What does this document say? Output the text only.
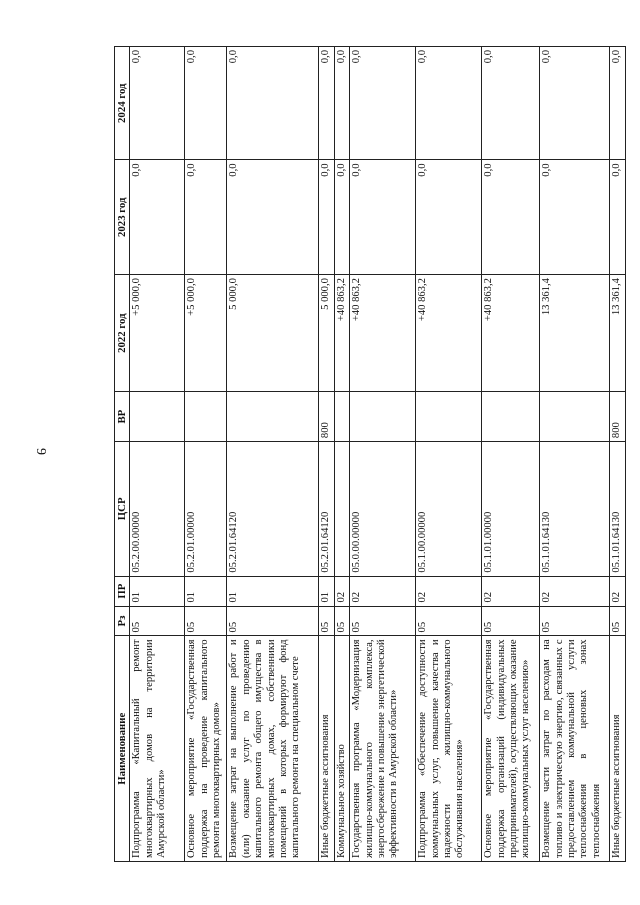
9
Наименование	Рз	ПР	ЦСР	ВР	2022 год	2023 год	2024 год
Подпрограмма «Капитальный ремонт многоквартирных домов на территории Амурской области»	05	01	05.2.00.00000		+5 000,0	0,0	0,0
Основное мероприятие «Государственная поддержка на проведение капитального ремонта многоквартирных домов»	05	01	05.2.01.00000		+5 000,0	0,0	0,0
Возмещение затрат на выполнение работ и (или) оказание услуг по проведению капитального ремонта общего имущества в многоквартирных домах, собственники помещений в которых формируют фонд капитального ремонта на специальном счете	05	01	05.2.01.64120		5 000,0	0,0	0,0
Иные бюджетные ассигнования	05	01	05.2.01.64120	800	5 000,0	0,0	0,0
Коммунальное хозяйство	05	02			+40 863,2	0,0	0,0
Государственная программа «Модернизация жилищно-коммунального комплекса, энергосбережение и повышение энергетической эффективности в Амурской области»	05	02	05.0.00.00000		+40 863,2	0,0	0,0
Подпрограмма «Обеспечение доступности коммунальных услуг, повышение качества и надежности жилищно-коммунального обслуживания населения»	05	02	05.1.00.00000		+40 863,2	0,0	0,0
Основное мероприятие «Государственная поддержка организаций (индивидуальных предпринимателей), осуществляющих оказание жилищно-коммунальных услуг населению»	05	02	05.1.01.00000		+40 863,2	0,0	0,0
Возмещение части затрат по расходам на топливо и электрическую энергию, связанных с предоставлением коммунальной услуги теплоснабжения в ценовых зонах теплоснабжения	05	02	05.1.01.64130		13 361,4	0,0	0,0
Иные бюджетные ассигнования	05	02	05.1.01.64130	800	13 361,4	0,0	0,0
